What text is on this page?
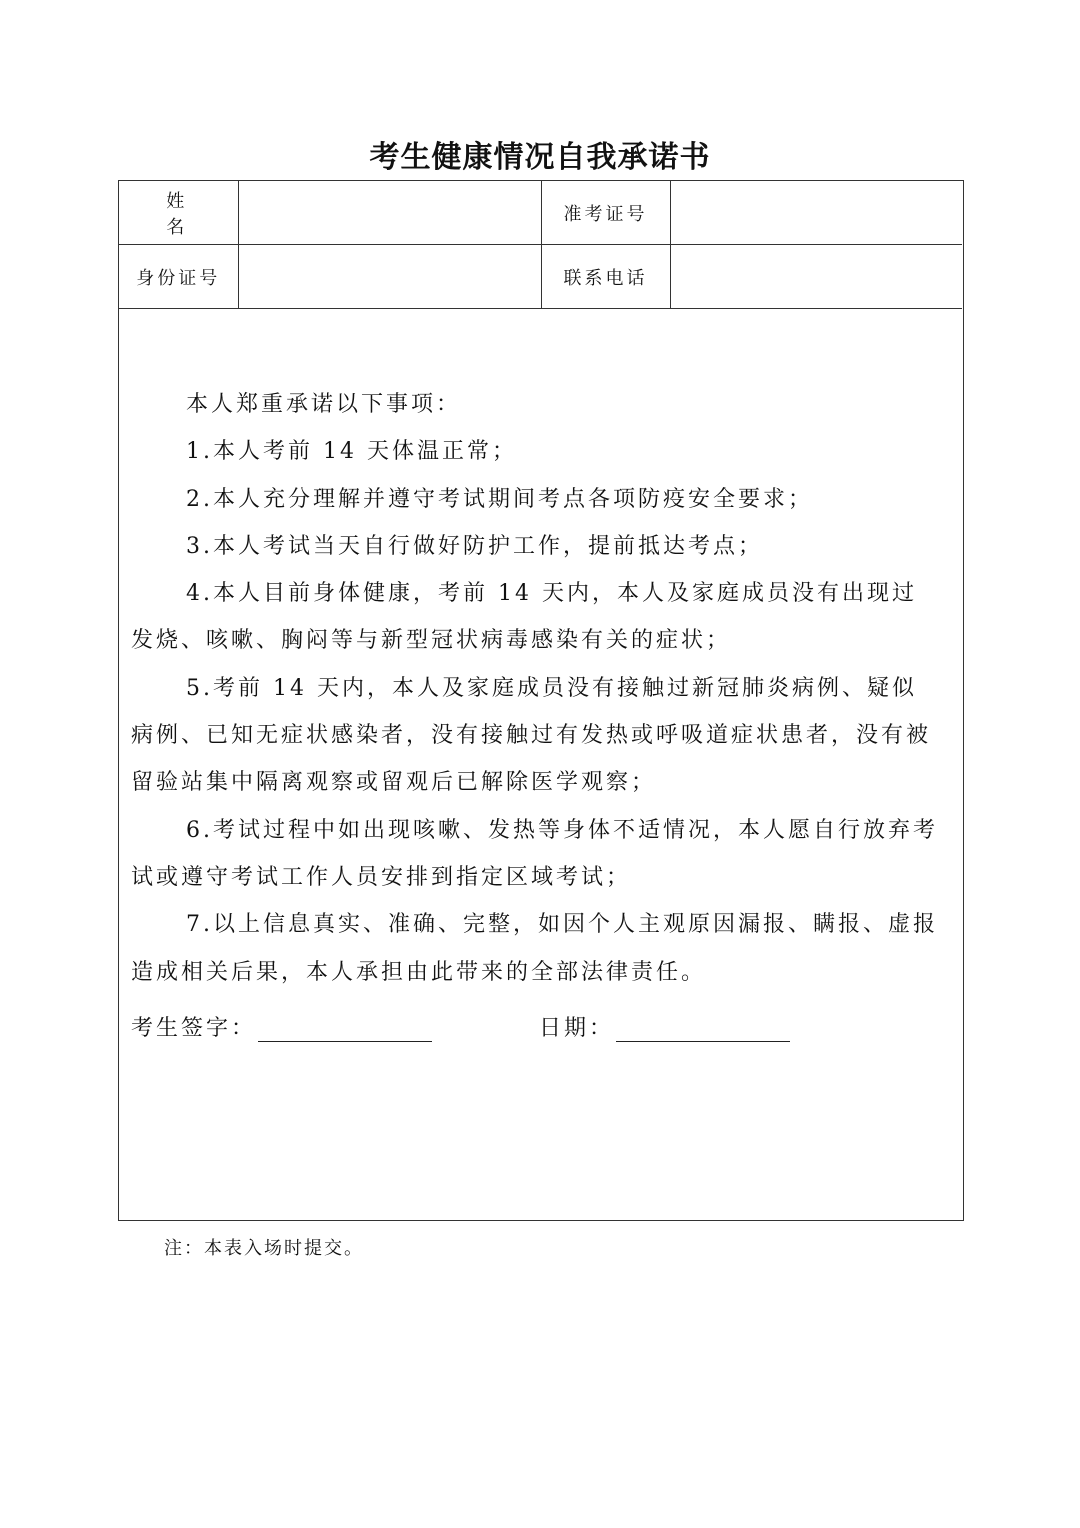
考生健康情况自我承诺书
姓 名		准考证号	
身份证号		联系电话	

本人郑重承诺以下事项：

1.本人考前 14 天体温正常；

2.本人充分理解并遵守考试期间考点各项防疫安全要求；

3.本人考试当天自行做好防护工作，提前抵达考点；

4.本人目前身体健康，考前 14 天内，本人及家庭成员没有出现过发烧、咳嗽、胸闷等与新型冠状病毒感染有关的症状；

5.考前 14 天内，本人及家庭成员没有接触过新冠肺炎病例、疑似病例、已知无症状感染者，没有接触过有发热或呼吸道症状患者，没有被留验站集中隔离观察或留观后已解除医学观察；

6.考试过程中如出现咳嗽、发热等身体不适情况，本人愿自行放弃考试或遵守考试工作人员安排到指定区域考试；

7.以上信息真实、准确、完整，如因个人主观原因漏报、瞒报、虚报造成相关后果，本人承担由此带来的全部法律责任。

考生签字：	日期：
注：本表入场时提交。
